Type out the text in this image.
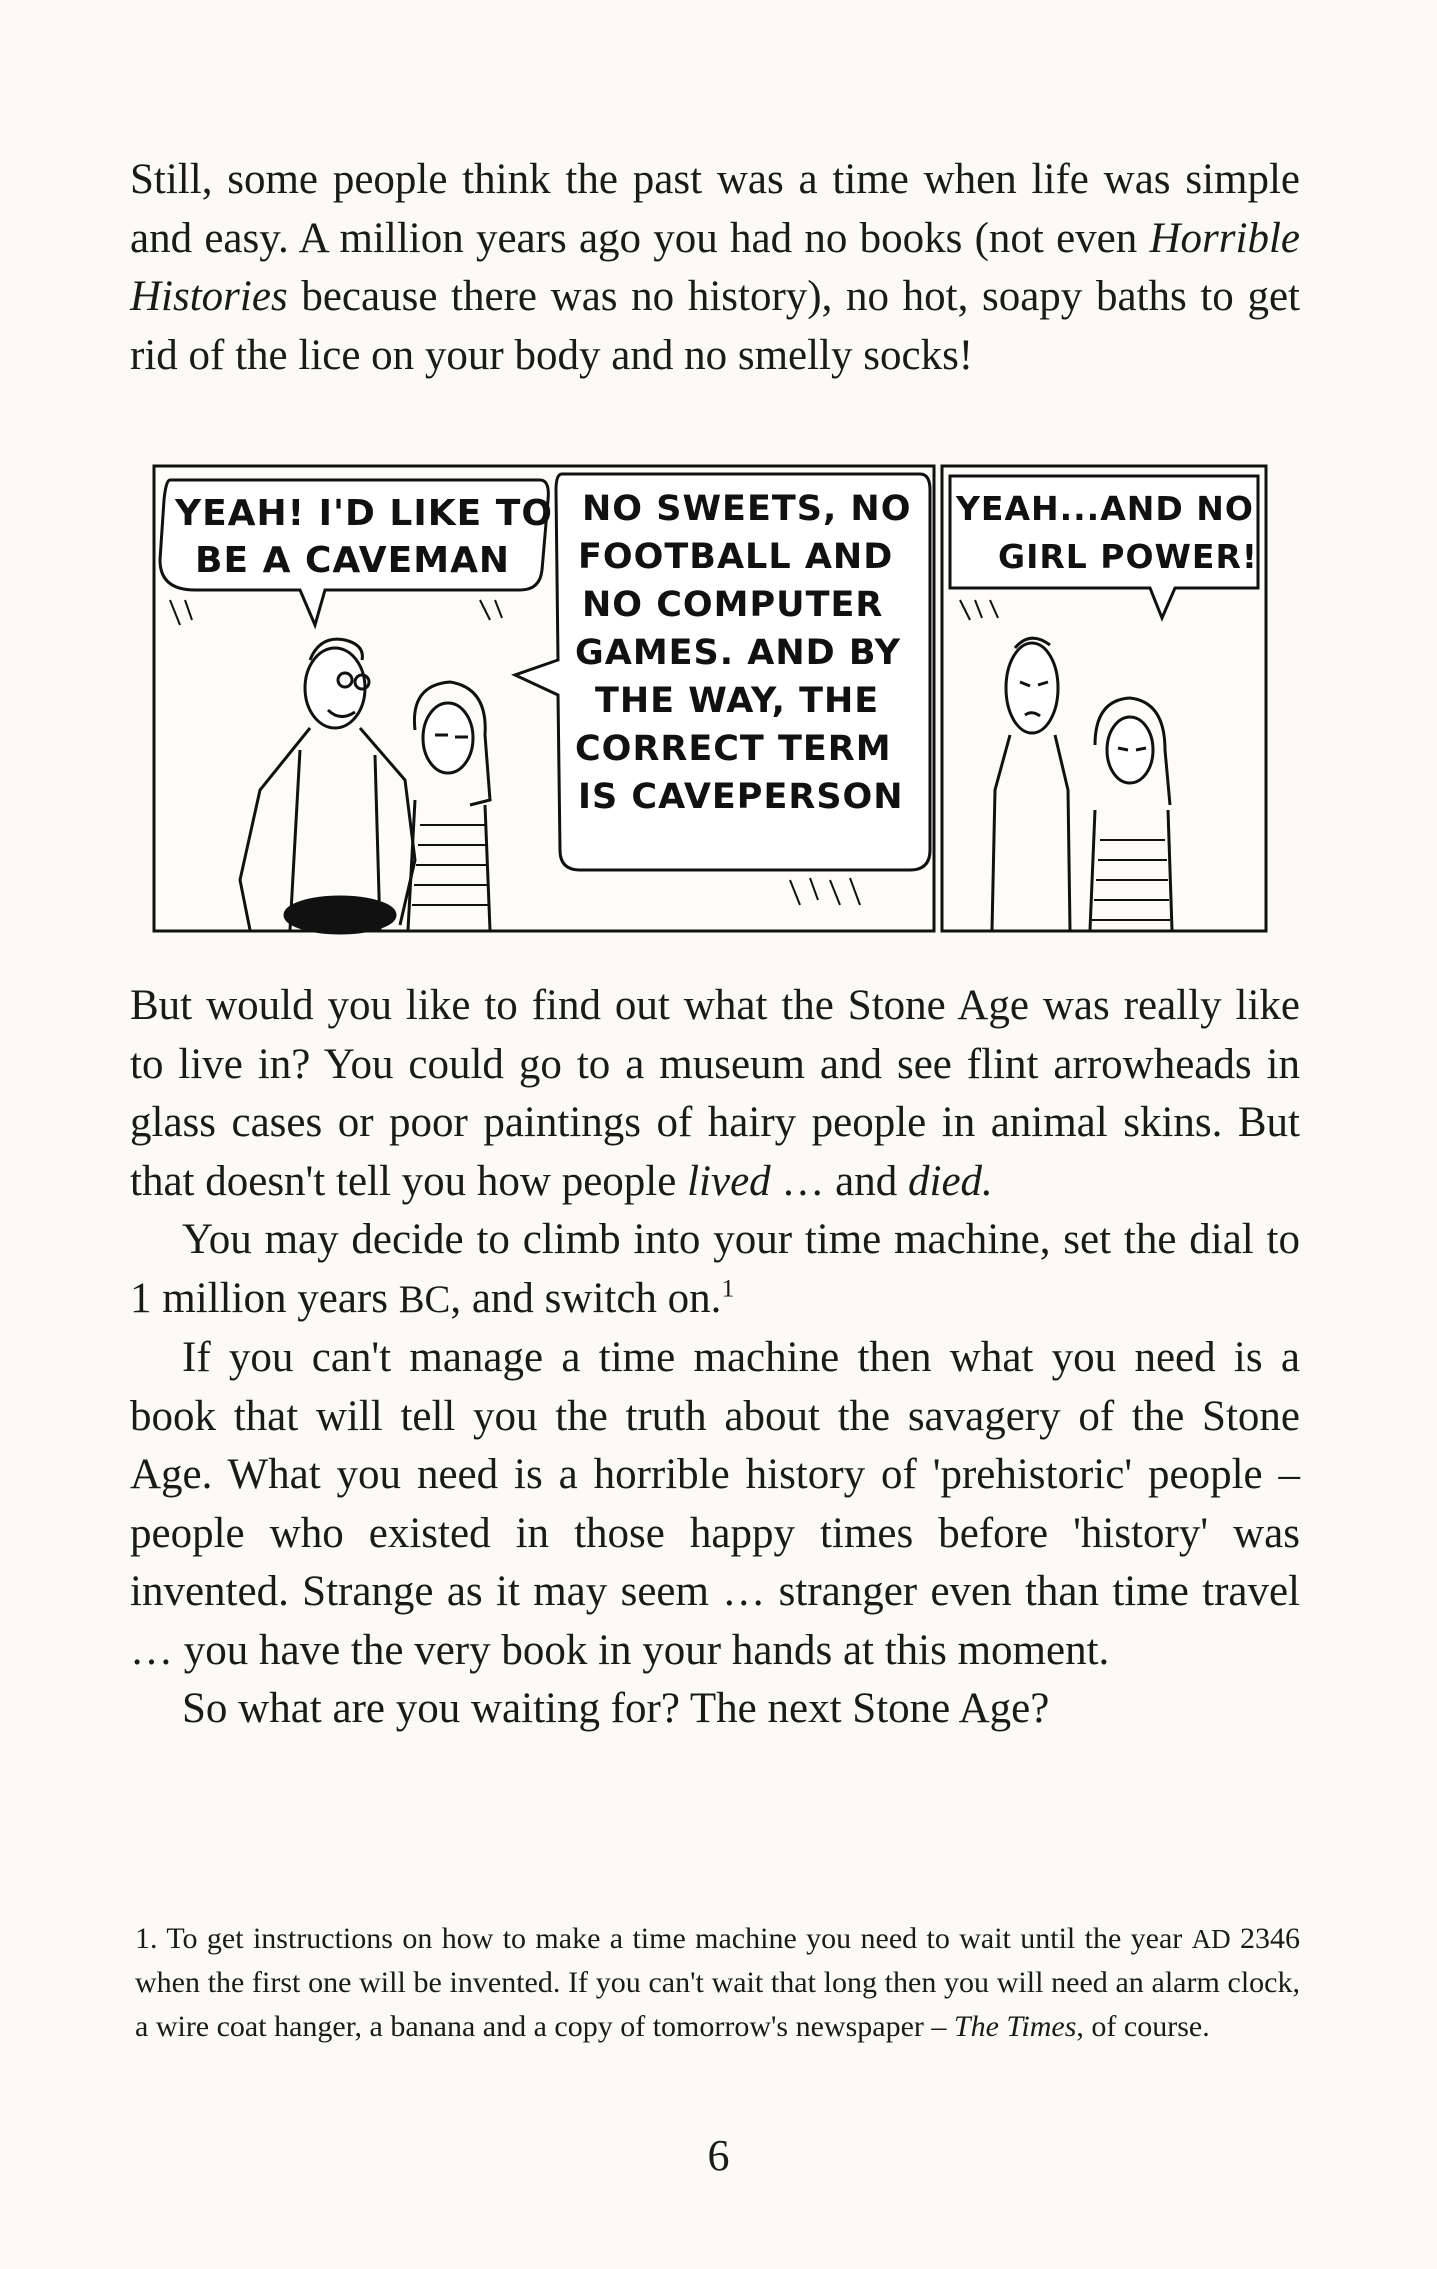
Still, some people think the past was a time when life was simple and easy. A million years ago you had no books (not even Horrible Histories because there was no history), no hot, soapy baths to get rid of the lice on your body and no smelly socks!

YEAH! I'D LIKE TO
BE A CAVEMAN
NO SWEETS, NO
FOOTBALL AND
NO COMPUTER
GAMES. AND BY
THE WAY, THE
CORRECT TERM
IS CAVEPERSON
YEAH...AND NO
GIRL POWER!

But would you like to find out what the Stone Age was really like to live in? You could go to a museum and see flint arrowheads in glass cases or poor paintings of hairy people in animal skins. But that doesn't tell you how people lived … and died.

You may decide to climb into your time machine, set the dial to 1 million years BC, and switch on.$^1$

If you can't manage a time machine then what you need is a book that will tell you the truth about the savagery of the Stone Age. What you need is a horrible history of 'prehistoric' people – people who existed in those happy times before 'history' was invented. Strange as it may seem … stranger even than time travel … you have the very book in your hands at this moment.

So what are you waiting for? The next Stone Age?

1. To get instructions on how to make a time machine you need to wait until the year AD 2346 when the first one will be invented. If you can't wait that long then you will need an alarm clock, a wire coat hanger, a banana and a copy of tomorrow's newspaper – The Times, of course.

6
